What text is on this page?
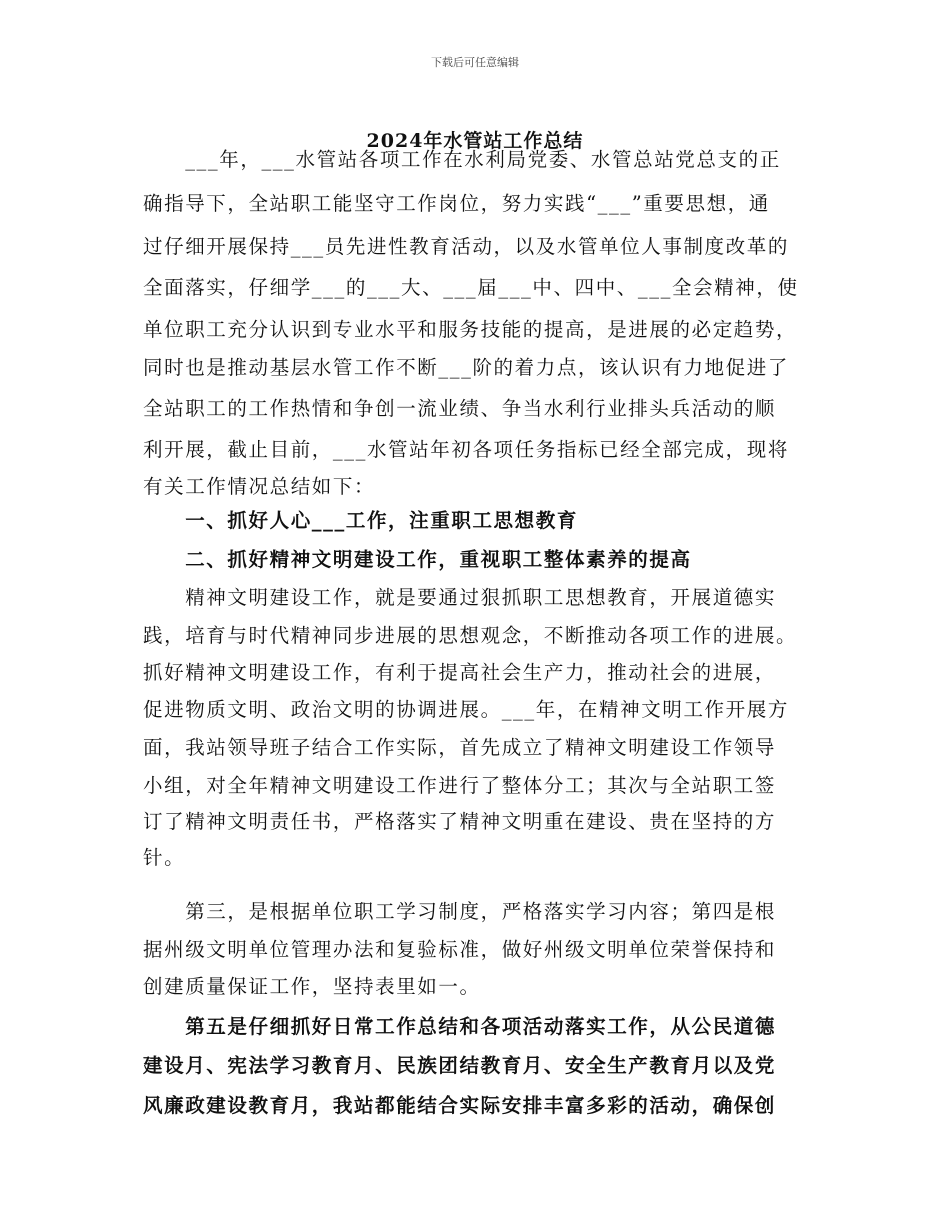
下载后可任意编辑
2024年水管站工作总结
　　___年，___水管站各项工作在水利局党委、水管总站党总支的正
确指导下，全站职工能坚守工作岗位，努力实践“___”重要思想，通
过仔细开展保持___员先进性教育活动，以及水管单位人事制度改革的
全面落实，仔细学___的___大、___届___中、四中、___全会精神，使
单位职工充分认识到专业水平和服务技能的提高，是进展的必定趋势，
同时也是推动基层水管工作不断___阶的着力点，该认识有力地促进了
全站职工的工作热情和争创一流业绩、争当水利行业排头兵活动的顺
利开展，截止目前，___水管站年初各项任务指标已经全部完成，现将
有关工作情况总结如下：
　　一、抓好人心___工作，注重职工思想教育
　　二、抓好精神文明建设工作，重视职工整体素养的提高
　　精神文明建设工作，就是要通过狠抓职工思想教育，开展道德实
践，培育与时代精神同步进展的思想观念，不断推动各项工作的进展。
抓好精神文明建设工作，有利于提高社会生产力，推动社会的进展，
促进物质文明、政治文明的协调进展。___年，在精神文明工作开展方
面，我站领导班子结合工作实际，首先成立了精神文明建设工作领导
小组，对全年精神文明建设工作进行了整体分工；其次与全站职工签
订了精神文明责任书，严格落实了精神文明重在建设、贵在坚持的方
针。
　　第三，是根据单位职工学习制度，严格落实学习内容；第四是根
据州级文明单位管理办法和复验标准，做好州级文明单位荣誉保持和
创建质量保证工作，坚持表里如一。
　　第五是仔细抓好日常工作总结和各项活动落实工作，从公民道德
建设月、宪法学习教育月、民族团结教育月、安全生产教育月以及党
风廉政建设教育月，我站都能结合实际安排丰富多彩的活动，确保创
